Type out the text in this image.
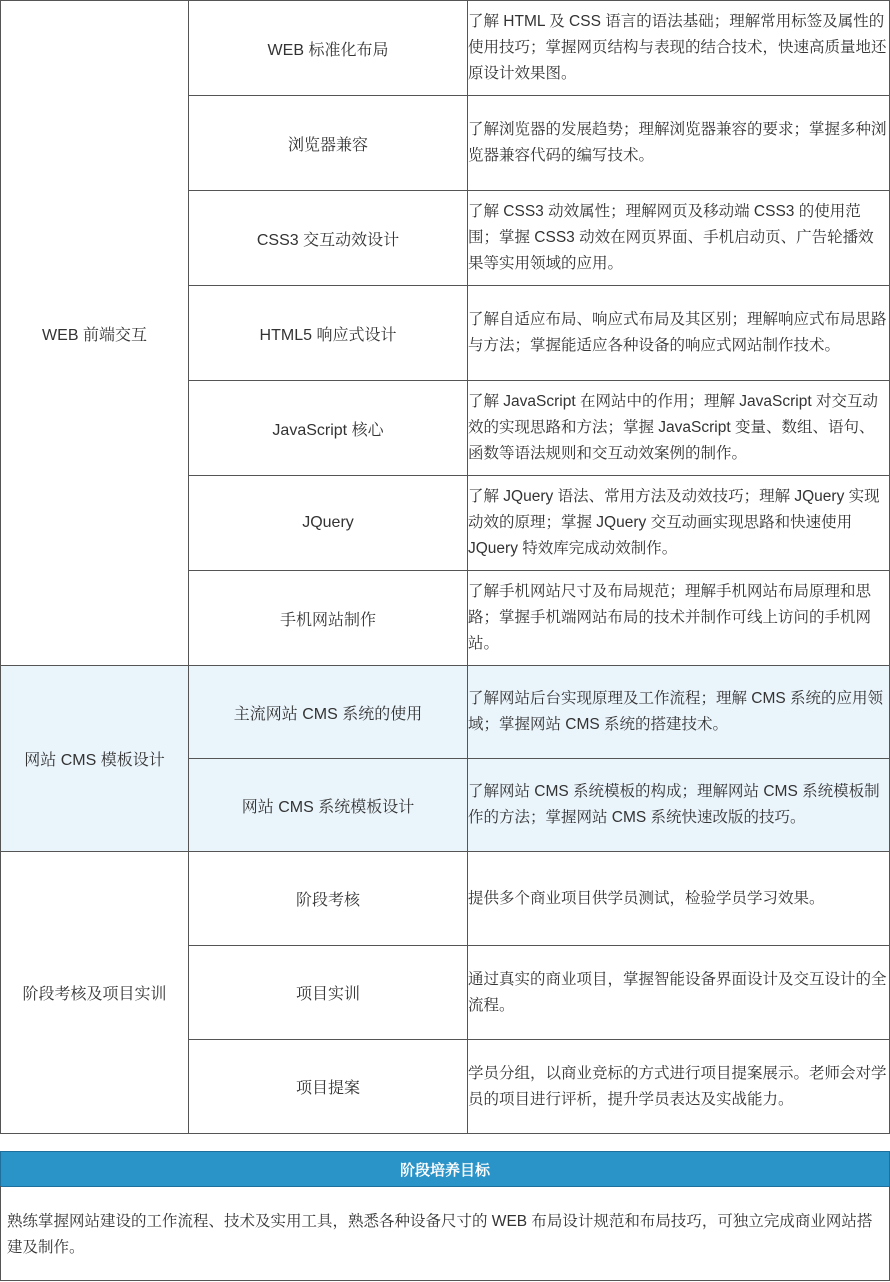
WEB 前端交互	WEB 标准化布局	了解 HTML 及 CSS 语言的语法基础；理解常用标签及属性的使用技巧；掌握网页结构与表现的结合技术，快速高质量地还原设计效果图。
	浏览器兼容	了解浏览器的发展趋势；理解浏览器兼容的要求；掌握多种浏览器兼容代码的编写技术。
	CSS3 交互动效设计	了解 CSS3 动效属性；理解网页及移动端 CSS3 的使用范围；掌握 CSS3 动效在网页界面、手机启动页、广告轮播效果等实用领域的应用。
	HTML5 响应式设计	了解自适应布局、响应式布局及其区别；理解响应式布局思路与方法；掌握能适应各种设备的响应式网站制作技术。
	JavaScript 核心	了解 JavaScript 在网站中的作用；理解 JavaScript 对交互动效的实现思路和方法；掌握 JavaScript 变量、数组、语句、函数等语法规则和交互动效案例的制作。
	JQuery	了解 JQuery 语法、常用方法及动效技巧；理解 JQuery 实现动效的原理；掌握 JQuery 交互动画实现思路和快速使用 JQuery 特效库完成动效制作。
	手机网站制作	了解手机网站尺寸及布局规范；理解手机网站布局原理和思路；掌握手机端网站布局的技术并制作可线上访问的手机网站。
网站 CMS 模板设计	主流网站 CMS 系统的使用	了解网站后台实现原理及工作流程；理解 CMS 系统的应用领域；掌握网站 CMS 系统的搭建技术。
	网站 CMS 系统模板设计	了解网站 CMS 系统模板的构成；理解网站 CMS 系统模板制作的方法；掌握网站 CMS 系统快速改版的技巧。
阶段考核及项目实训	阶段考核	提供多个商业项目供学员测试，检验学员学习效果。
	项目实训	通过真实的商业项目，掌握智能设备界面设计及交互设计的全流程。
	项目提案	学员分组，以商业竞标的方式进行项目提案展示。老师会对学员的项目进行评析，提升学员表达及实战能力。
阶段培养目标

熟练掌握网站建设的工作流程、技术及实用工具，熟悉各种设备尺寸的 WEB 布局设计规范和布局技巧，可独立完成商业网站搭建及制作。
